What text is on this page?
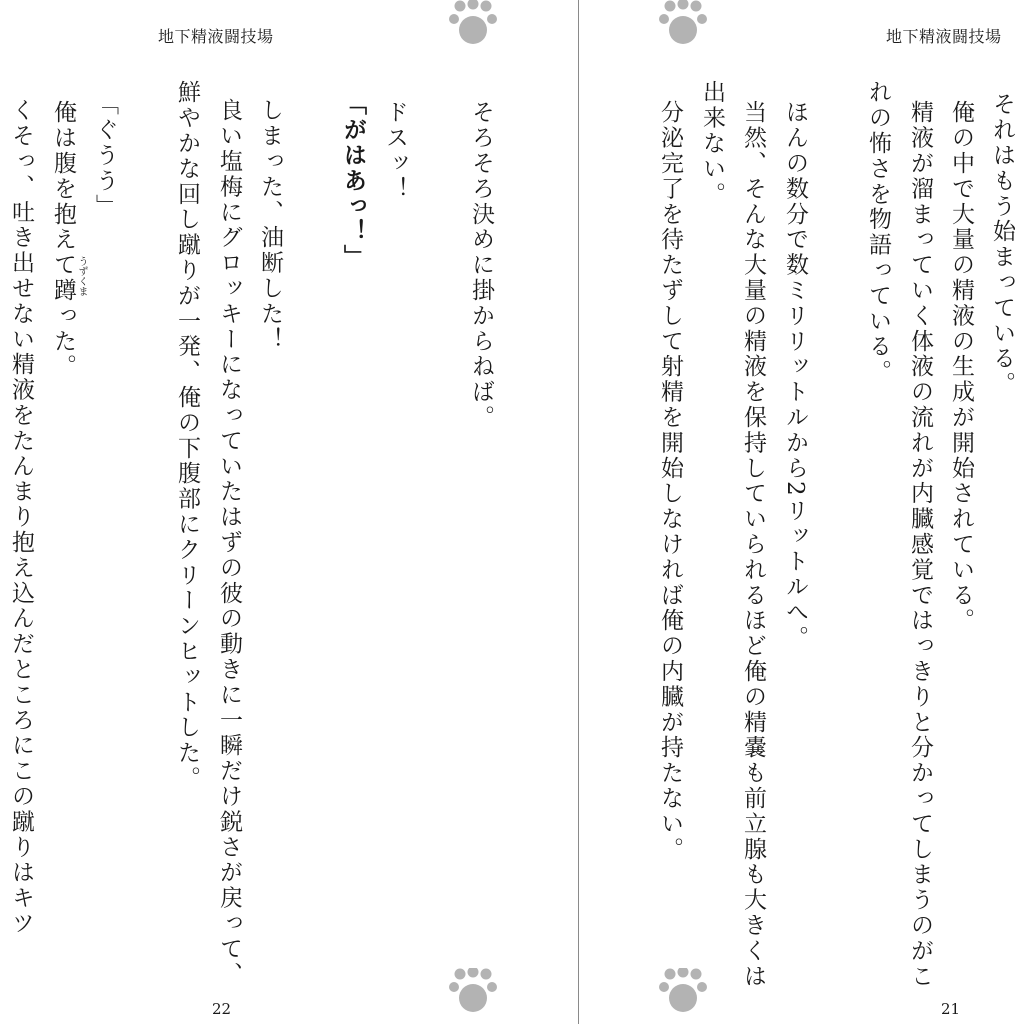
地下精液闘技場
そろそろ決めに掛からねば。
ドスッ！
「がはあっ！」
しまった、油断した！
良い塩梅にグロッキーになっていたはずの彼の動きに一瞬だけ鋭さが戻って、
鮮やかな回し蹴りが一発、俺の下腹部にクリーンヒットした。
「ぐうう」
俺は腹を抱えて蹲った。 うずくま
くそっ、吐き出せない精液をたんまり抱え込んだところにこの蹴りはキツ
22
地下精液闘技場
それはもう始まっている。
俺の中で大量の精液の生成が開始されている。
精液が溜まっていく体液の流れが内臓感覚ではっきりと分かってしまうのがこ
れの怖さを物語っている。
ほんの数分で数ミリリットルから2リットルへ。
当然、そんな大量の精液を保持していられるほど俺の精嚢も前立腺も大きくは
出来ない。
分泌完了を待たずして射精を開始しなければ俺の内臓が持たない。
21
